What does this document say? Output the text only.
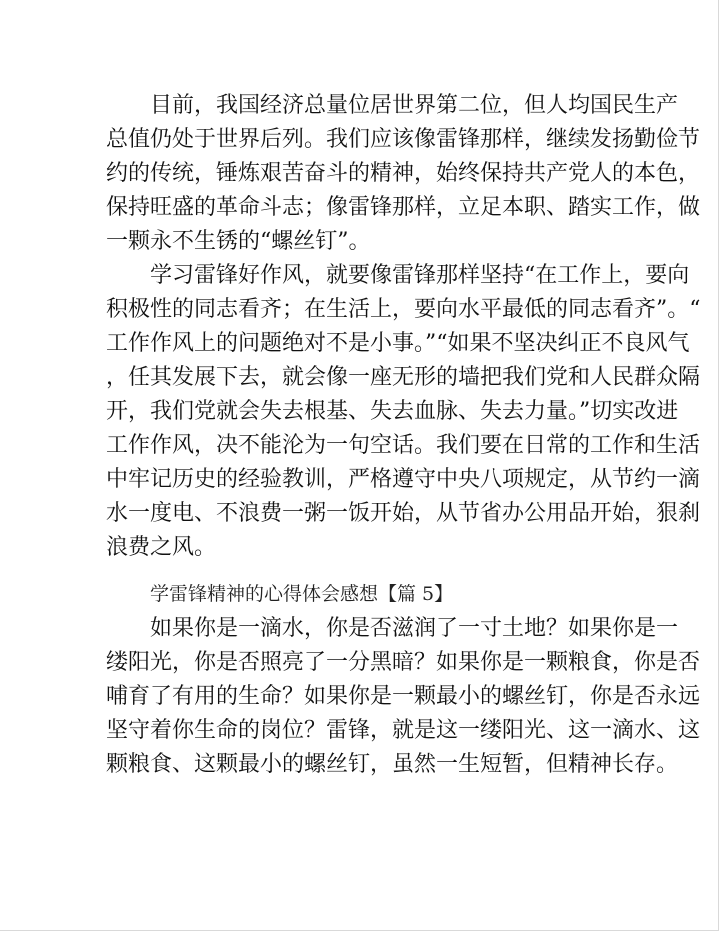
目前，我国经济总量位居世界第二位，但人均国民生产

总值仍处于世界后列。我们应该像雷锋那样，继续发扬勤俭节

约的传统，锤炼艰苦奋斗的精神，始终保持共产党人的本色，

保持旺盛的革命斗志；像雷锋那样，立足本职、踏实工作，做

一颗永不生锈的“螺丝钉”。

学习雷锋好作风，就要像雷锋那样坚持“在工作上，要向

积极性的同志看齐；在生活上，要向水平最低的同志看齐”。“

工作作风上的问题绝对不是小事。”“如果不坚决纠正不良风气

，任其发展下去，就会像一座无形的墙把我们党和人民群众隔

开，我们党就会失去根基、失去血脉、失去力量。”切实改进

工作作风，决不能沦为一句空话。我们要在日常的工作和生活

中牢记历史的经验教训，严格遵守中央八项规定，从节约一滴

水一度电、不浪费一粥一饭开始，从节省办公用品开始，狠刹

浪费之风。

学雷锋精神的心得体会感想【篇 5】

如果你是一滴水，你是否滋润了一寸土地？如果你是一

缕阳光，你是否照亮了一分黑暗？如果你是一颗粮食，你是否

哺育了有用的生命？如果你是一颗最小的螺丝钉，你是否永远

坚守着你生命的岗位？雷锋，就是这一缕阳光、这一滴水、这

颗粮食、这颗最小的螺丝钉，虽然一生短暂，但精神长存。
